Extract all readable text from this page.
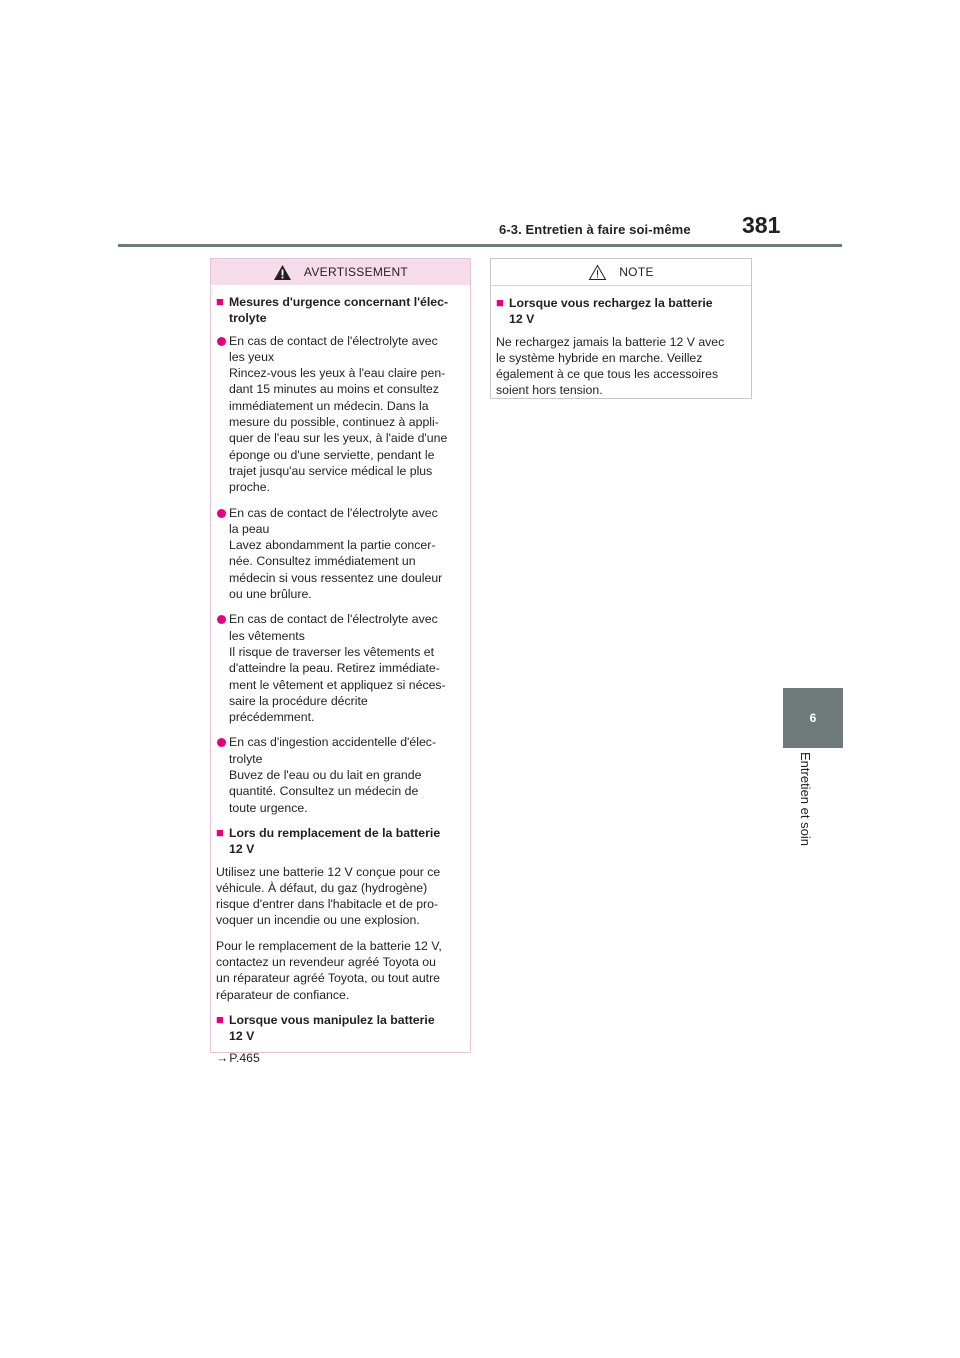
6-3. Entretien à faire soi-même 381
6
Entretien et soin
AVERTISSEMENT
■ Mesures d'urgence concernant l'élec-
trolyte
En cas de contact de l'électrolyte avec
les yeux
Rincez-vous les yeux à l'eau claire pen-
dant 15 minutes au moins et consultez
immédiatement un médecin. Dans la
mesure du possible, continuez à appli-
quer de l'eau sur les yeux, à l'aide d'une
éponge ou d'une serviette, pendant le
trajet jusqu'au service médical le plus
proche.
En cas de contact de l'électrolyte avec
la peau
Lavez abondamment la partie concer-
née. Consultez immédiatement un
médecin si vous ressentez une douleur
ou une brûlure.
En cas de contact de l'électrolyte avec
les vêtements
Il risque de traverser les vêtements et
d'atteindre la peau. Retirez immédiate-
ment le vêtement et appliquez si néces-
saire la procédure décrite
précédemment.
En cas d'ingestion accidentelle d'élec-
trolyte
Buvez de l'eau ou du lait en grande
quantité. Consultez un médecin de
toute urgence.
■ Lors du remplacement de la batterie
12 V
Utilisez une batterie 12 V conçue pour ce
véhicule. À défaut, du gaz (hydrogène)
risque d'entrer dans l'habitacle et de pro-
voquer un incendie ou une explosion.
Pour le remplacement de la batterie 12 V,
contactez un revendeur agréé Toyota ou
un réparateur agréé Toyota, ou tout autre
réparateur de confiance.
■ Lorsque vous manipulez la batterie
12 V
→P.465
NOTE
■ Lorsque vous rechargez la batterie
12 V
Ne rechargez jamais la batterie 12 V avec
le système hybride en marche. Veillez
également à ce que tous les accessoires
soient hors tension.
